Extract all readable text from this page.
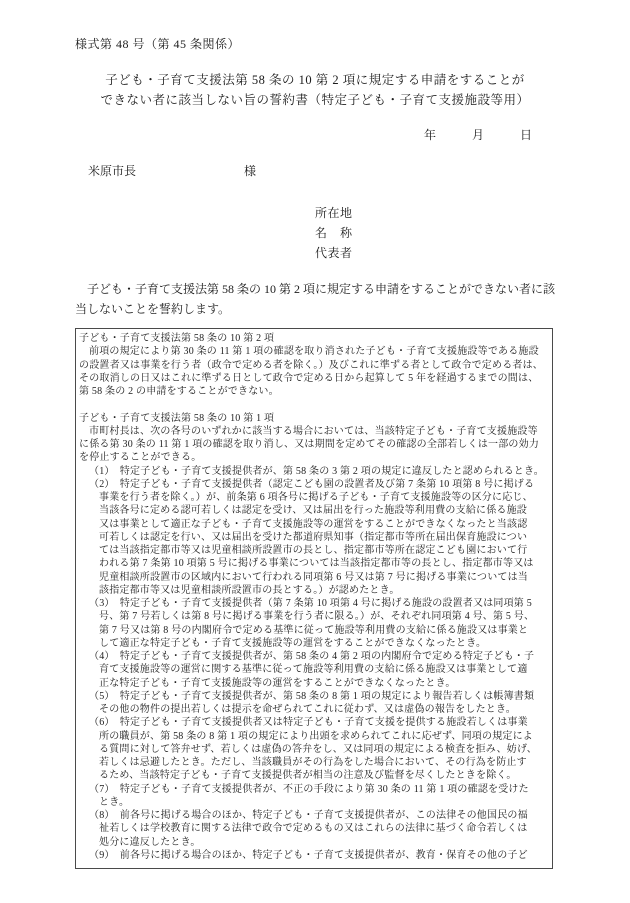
様式第 48 号（第 45 条関係）
子ども・子育て支援法第 58 条の 10 第 2 項に規定する申請をすることが
できない者に該当しない旨の誓約書（特定子ども・子育て支援施設等用）
年　　　月　　　日
米原市長	様
所在地
名　称
代表者
　子ども・子育て支援法第 58 条の 10 第 2 項に規定する申請をすることができない者に該
当しないことを誓約します。
子ども・子育て支援法第 58 条の 10 第 2 項
前項の規定により第 30 条の 11 第 1 項の確認を取り消された子ども・子育て支援施設等である施設
の設置者又は事業を行う者（政令で定める者を除く。）及びこれに準ずる者として政令で定める者は、
その取消しの日又はこれに準ずる日として政令で定める日から起算して 5 年を経過するまでの間は、
第 58 条の 2 の申請をすることができない。
子ども・子育て支援法第 58 条の 10 第 1 項
市町村長は、次の各号のいずれかに該当する場合においては、当該特定子ども・子育て支援施設等
に係る第 30 条の 11 第 1 項の確認を取り消し、又は期間を定めてその確認の全部若しくは一部の効力
を停止することができる。
（1）　特定子ども・子育て支援提供者が、第 58 条の 3 第 2 項の規定に違反したと認められるとき。
（2）　特定子ども・子育て支援提供者（認定こども園の設置者及び第 7 条第 10 項第 8 号に掲げる
事業を行う者を除く。）が、前条第 6 項各号に掲げる子ども・子育て支援施設等の区分に応じ、
当該各号に定める認可若しくは認定を受け、又は届出を行った施設等利用費の支給に係る施設
又は事業として適正な子ども・子育て支援施設等の運営をすることができなくなったと当該認
可若しくは認定を行い、又は届出を受けた都道府県知事（指定都市等所在届出保育施設につい
ては当該指定都市等又は児童相談所設置市の長とし、指定都市等所在認定こども園において行
われる第 7 条第 10 項第 5 号に掲げる事業については当該指定都市等の長とし、指定都市等又は
児童相談所設置市の区域内において行われる同項第 6 号又は第 7 号に掲げる事業については当
該指定都市等又は児童相談所設置市の長とする。）が認めたとき。
（3）　特定子ども・子育て支援提供者（第 7 条第 10 項第 4 号に掲げる施設の設置者又は同項第 5
号、第 7 号若しくは第 8 号に掲げる事業を行う者に限る。）が、それぞれ同項第 4 号、第 5 号、
第 7 号又は第 8 号の内閣府令で定める基準に従って施設等利用費の支給に係る施設又は事業と
して適正な特定子ども・子育て支援施設等の運営をすることができなくなったとき。
（4）　特定子ども・子育て支援提供者が、第 58 条の 4 第 2 項の内閣府令で定める特定子ども・子
育て支援施設等の運営に関する基準に従って施設等利用費の支給に係る施設又は事業として適
正な特定子ども・子育て支援施設等の運営をすることができなくなったとき。
（5）　特定子ども・子育て支援提供者が、第 58 条の 8 第 1 項の規定により報告若しくは帳簿書類
その他の物件の提出若しくは提示を命ぜられてこれに従わず、又は虚偽の報告をしたとき。
（6）　特定子ども・子育て支援提供者又は特定子ども・子育て支援を提供する施設若しくは事業
所の職員が、第 58 条の 8 第 1 項の規定により出頭を求められてこれに応ぜず、同項の規定によ
る質問に対して答弁せず、若しくは虚偽の答弁をし、又は同項の規定による検査を拒み、妨げ、
若しくは忌避したとき。ただし、当該職員がその行為をした場合において、その行為を防止す
るため、当該特定子ども・子育て支援提供者が相当の注意及び監督を尽くしたときを除く。
（7）　特定子ども・子育て支援提供者が、不正の手段により第 30 条の 11 第 1 項の確認を受けた
とき。
（8）　前各号に掲げる場合のほか、特定子ども・子育て支援提供者が、この法律その他国民の福
祉若しくは学校教育に関する法律で政令で定めるもの又はこれらの法律に基づく命令若しくは
処分に違反したとき。
（9）　前各号に掲げる場合のほか、特定子ども・子育て支援提供者が、教育・保育その他の子ど
